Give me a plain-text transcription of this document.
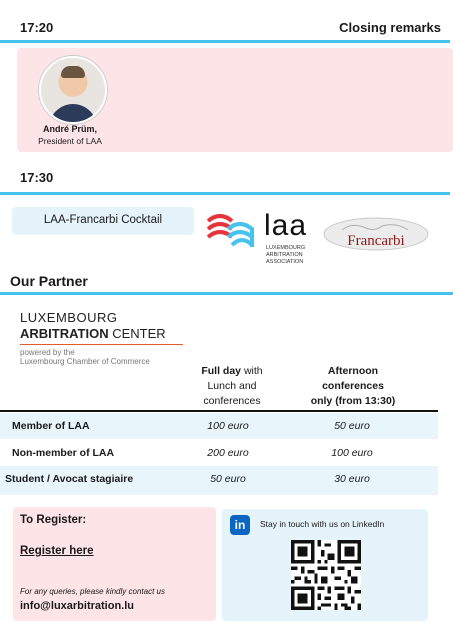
17:20	Closing remarks
André Prüm,
President of LAA
17:30
LAA-Francarbi Cocktail	laa
LUXEMBOURG
ARBITRATION
ASSOCIATION
Francarbi
Our Partner
LUXEMBOURG
ARBITRATION CENTER
powered by the
Luxembourg Chamber of Commerce
Full day with
Lunch and
conferences
Afternoon
conferences
only (from 13:30)
Member of LAA	100 euro	50 euro
Non-member of LAA	200 euro	100 euro
Student / Avocat stagiaire	50 euro	30 euro
To Register:
Register here
For any queries, please kindly contact us
info@luxarbitration.lu
in	Stay in touch with us on LinkedIn
